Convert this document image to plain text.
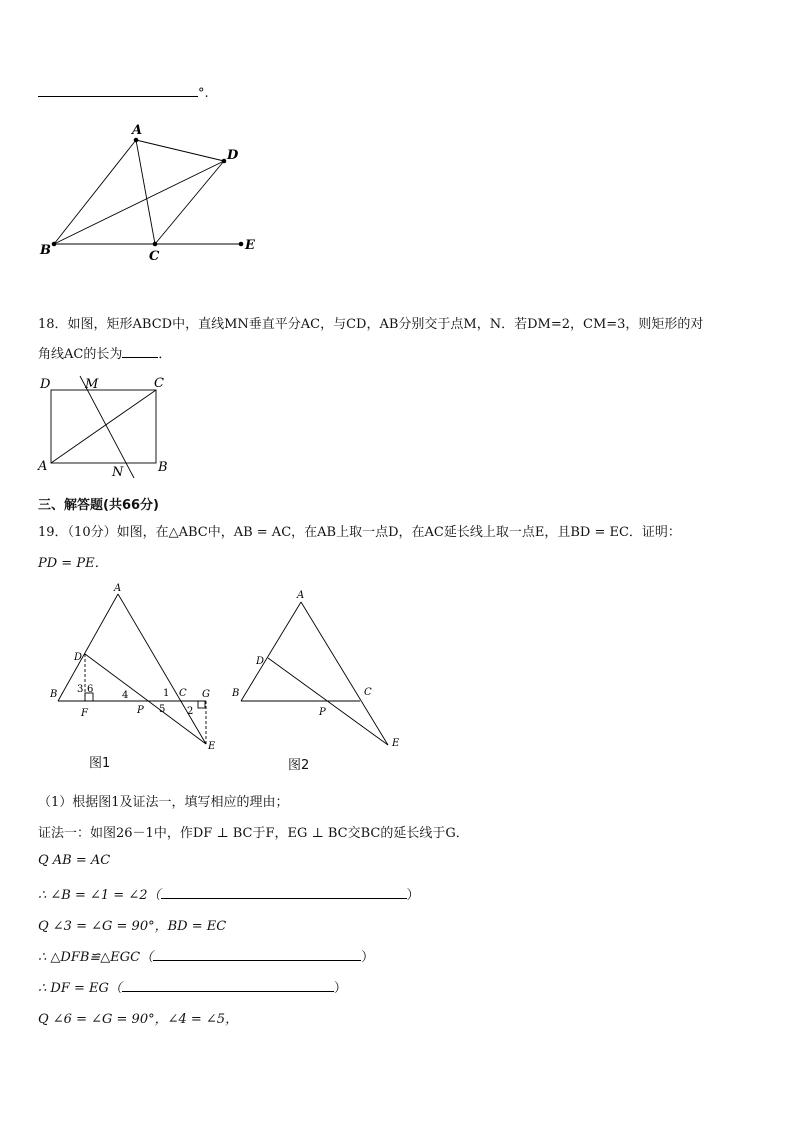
°.
A
B	C
D
E
18．如图，矩形ABCD中，直线MN垂直平分AC，与CD，AB分别交于点M，N．若DM=2，CM=3，则矩形的对
角线AC的长为	．
D	M	C
A	N	B
三、解答题(共66分)
19．（10分）如图，在△ABC中，AB = AC，在AB上取一点D，在AC延长线上取一点E，且BD = EC．证明：
PD = PE．
A
D
B
F	P
C G
E
3 6
4
5
1
2
图1
A
D
B	C
P
E
图2
（1）根据图1及证法一，填写相应的理由；
证法一：如图26－1中，作DF ⊥ BC于F，EG ⊥ BC交BC的延长线于G．
Q AB = AC
∴ ∠B = ∠1 = ∠2（	）
Q ∠3 = ∠G = 90°，BD = EC
∴ △DFB≌△EGC（	）
∴ DF = EG（	）
Q ∠6 = ∠G = 90°，∠4 = ∠5，
